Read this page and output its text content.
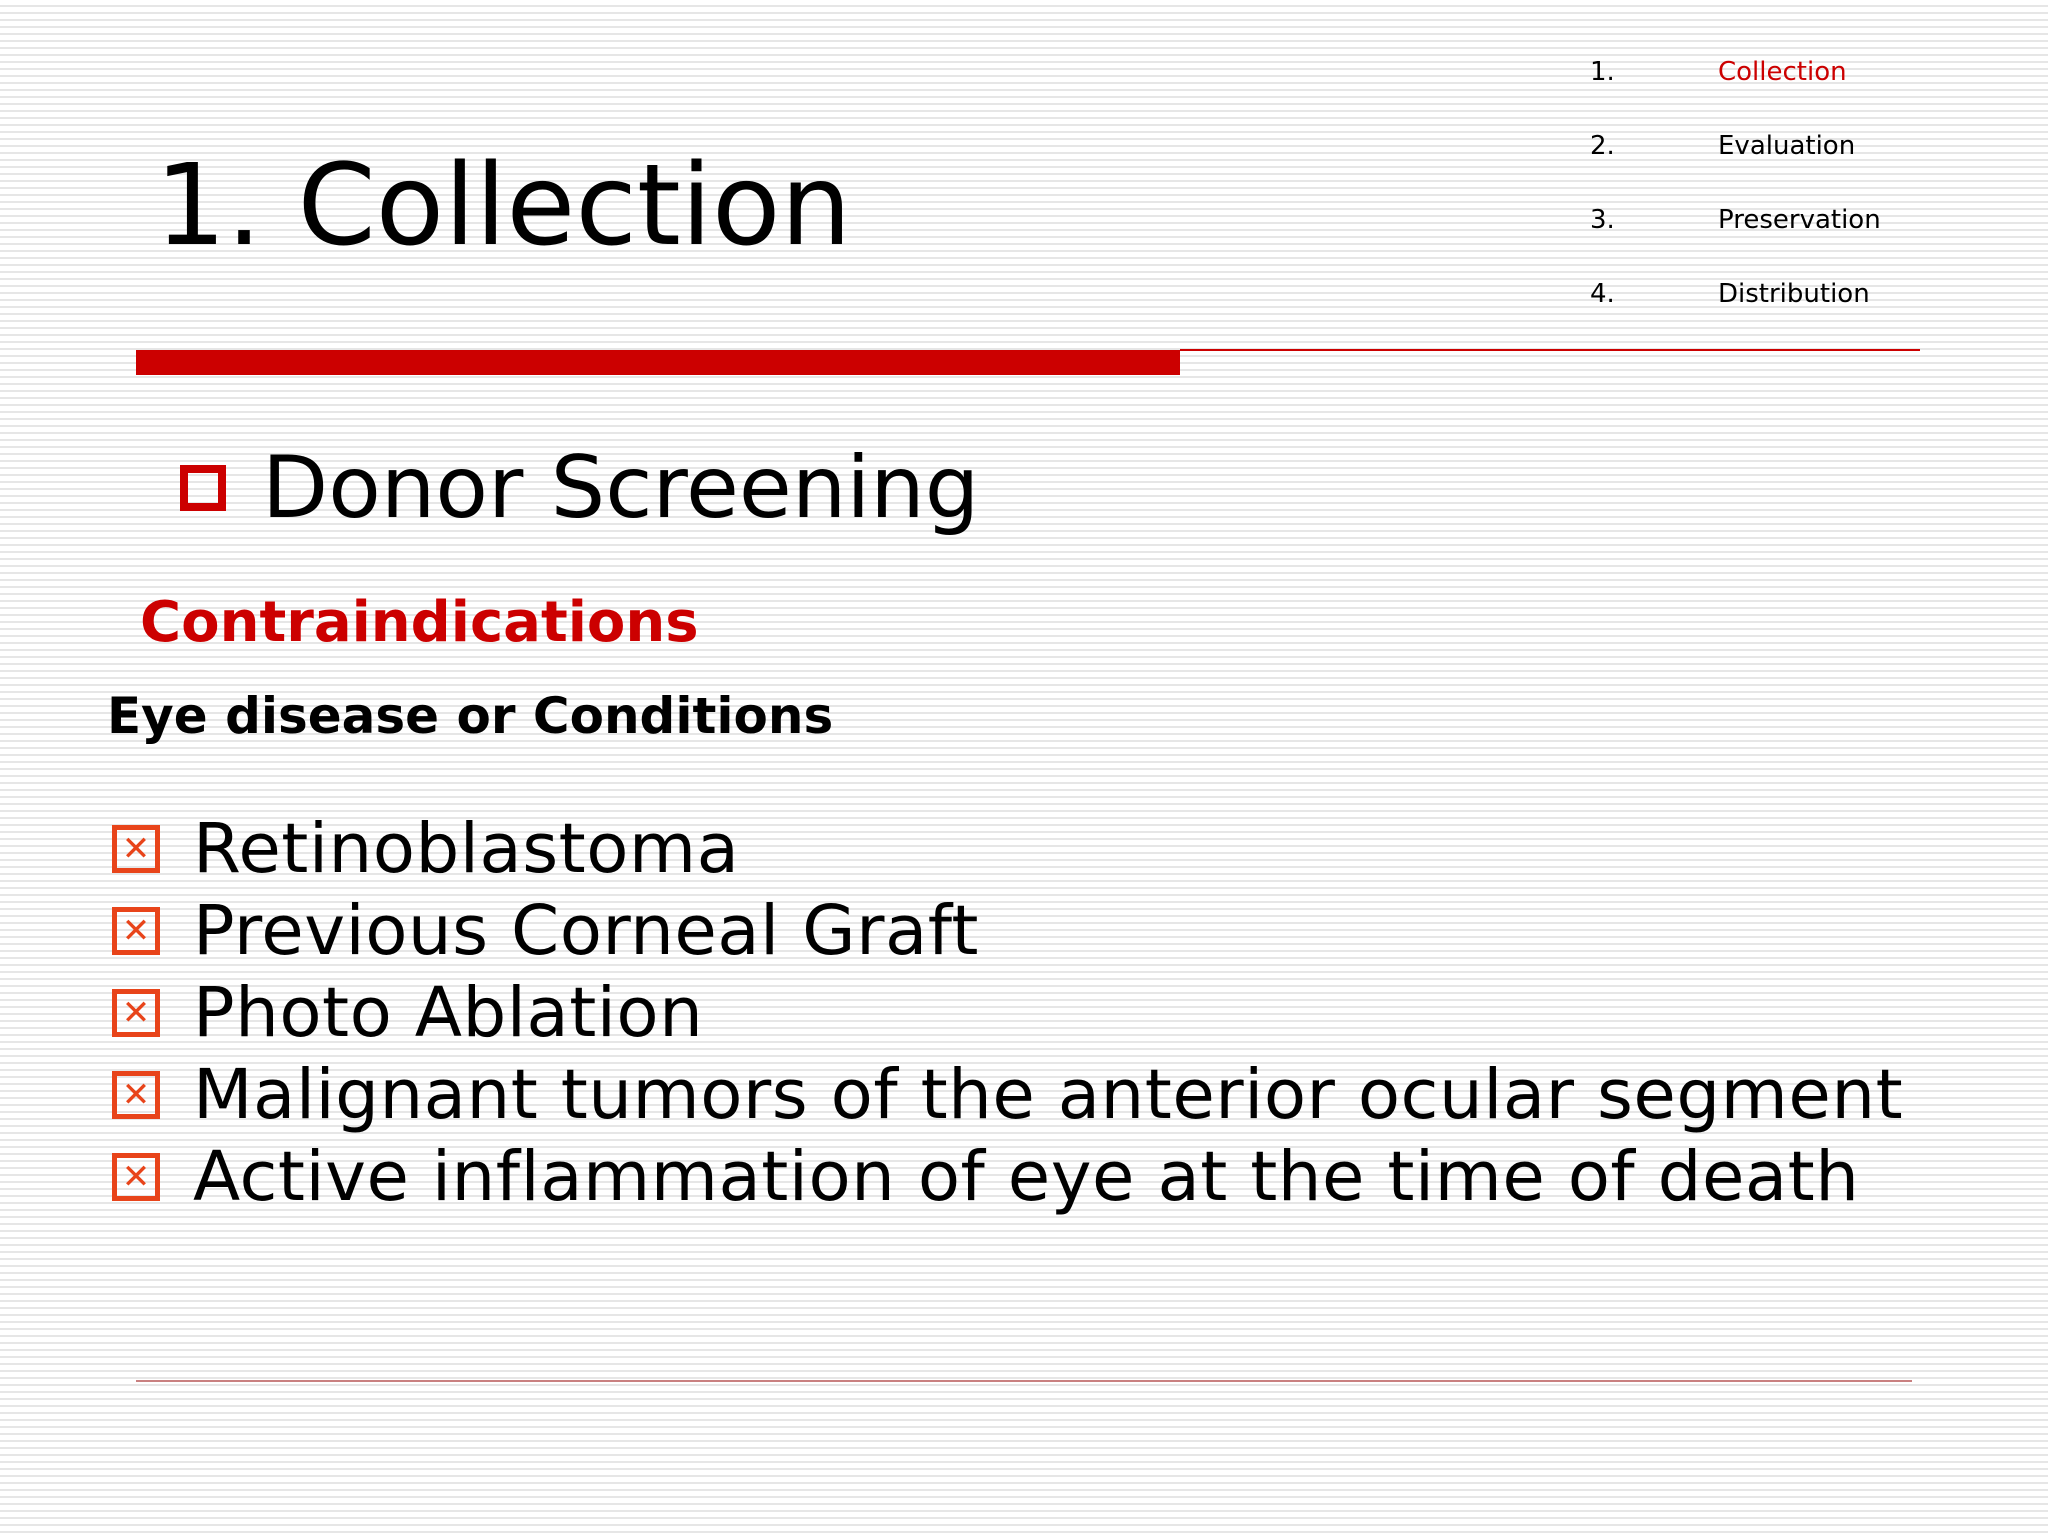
1. Collection
1.	Collection
2.	Evaluation
3.	Preservation
4.	Distribution
Donor Screening
Contraindications
Eye disease or Conditions
✕ Retinoblastoma
✕ Previous Corneal Graft
✕ Photo Ablation
✕ Malignant tumors of the anterior ocular segment
✕ Active inflammation of eye at the time of death
